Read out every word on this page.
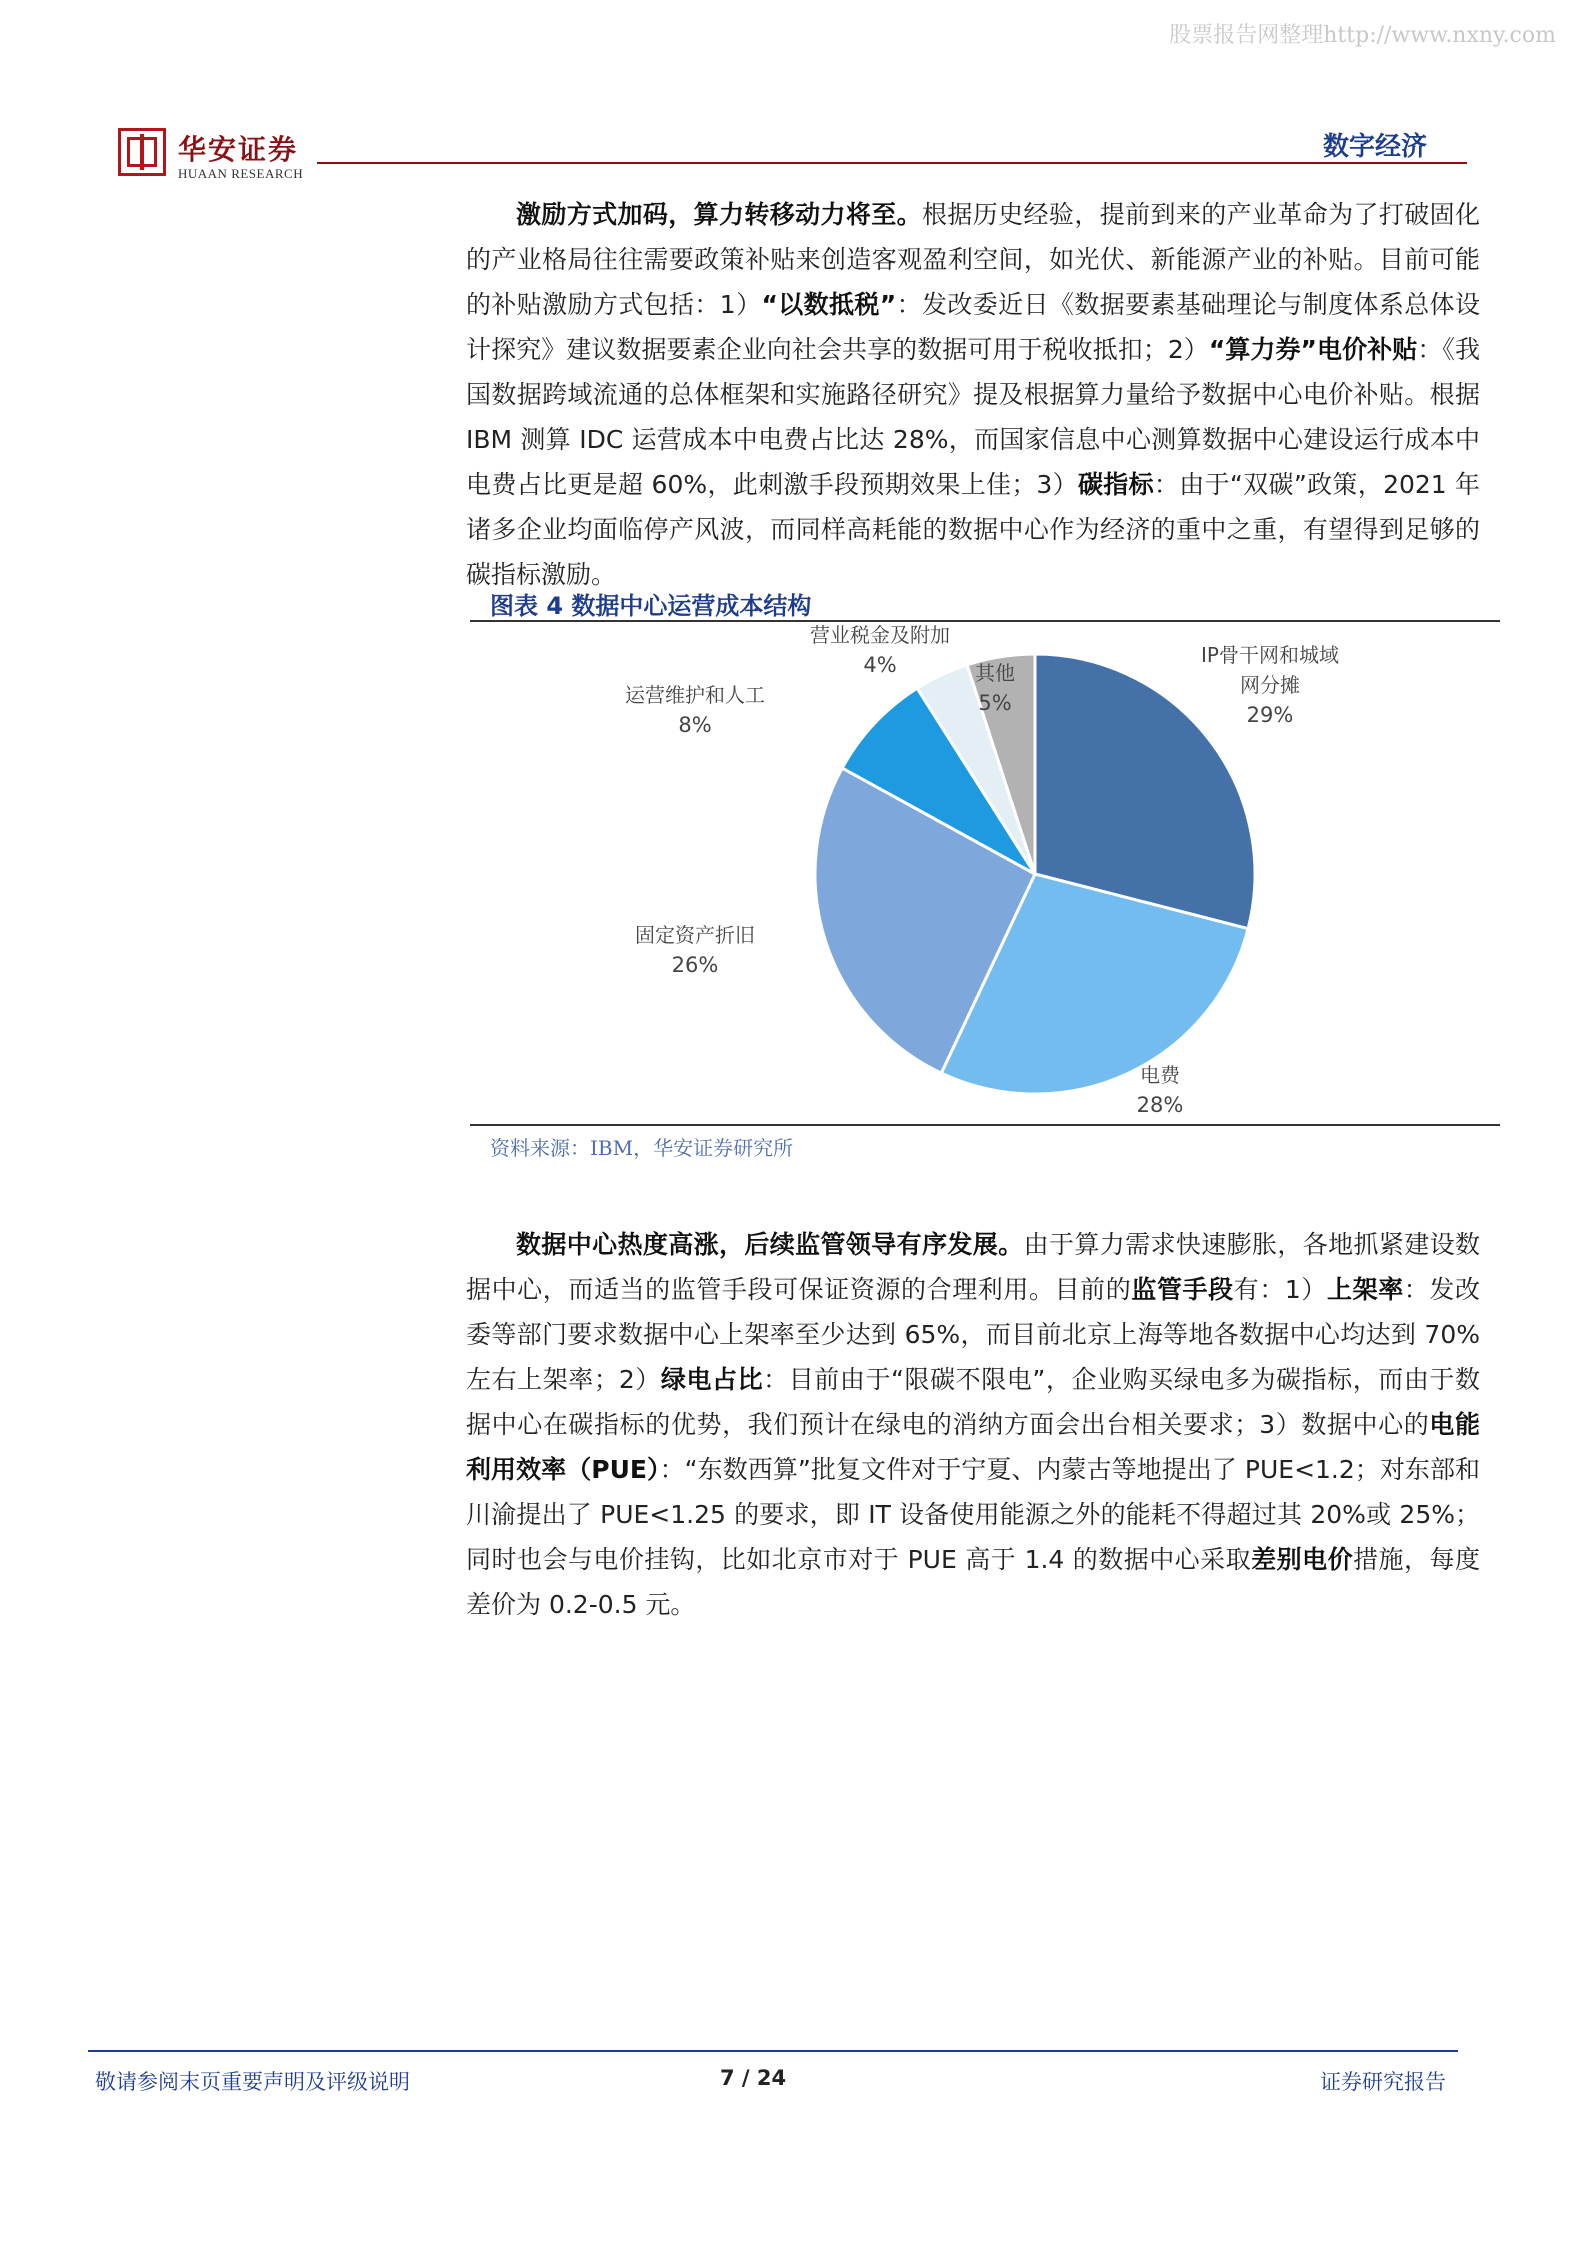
股票报告网整理http://www.nxny.com
华安证券
HUAAN RESEARCH
数字经济

激励方式加码，算力转移动力将至。根据历史经验，提前到来的产业革命为了打破固化的产业格局往往需要政策补贴来创造客观盈利空间，如光伏、新能源产业的补贴。目前可能的补贴激励方式包括：1）“以数抵税”：发改委近日《数据要素基础理论与制度体系总体设计探究》建议数据要素企业向社会共享的数据可用于税收抵扣；2）“算力券”电价补贴：《我国数据跨域流通的总体框架和实施路径研究》提及根据算力量给予数据中心电价补贴。根据 IBM 测算 IDC 运营成本中电费占比达 28%，而国家信息中心测算数据中心建设运行成本中电费占比更是超 60%，此刺激手段预期效果上佳；3）碳指标：由于“双碳”政策，2021 年诸多企业均面临停产风波，而同样高耗能的数据中心作为经济的重中之重，有望得到足够的碳指标激励。

图表 4 数据中心运营成本结构
IP骨干网和城域
网分摊
29%
电费
28%
固定资产折旧
26%
运营维护和人工
8%
营业税金及附加
4%	其他
5%
资料来源：IBM，华安证券研究所

数据中心热度高涨，后续监管领导有序发展。由于算力需求快速膨胀，各地抓紧建设数据中心，而适当的监管手段可保证资源的合理利用。目前的监管手段有：1）上架率：发改委等部门要求数据中心上架率至少达到 65%，而目前北京上海等地各数据中心均达到 70%左右上架率；2）绿电占比：目前由于“限碳不限电”，企业购买绿电多为碳指标，而由于数据中心在碳指标的优势，我们预计在绿电的消纳方面会出台相关要求；3）数据中心的电能利用效率（PUE）：“东数西算”批复文件对于宁夏、内蒙古等地提出了 PUE<1.2；对东部和川渝提出了 PUE<1.25 的要求，即 IT 设备使用能源之外的能耗不得超过其 20%或 25%；同时也会与电价挂钩，比如北京市对于 PUE 高于 1.4 的数据中心采取差别电价措施，每度差价为 0.2-0.5 元。

敬请参阅末页重要声明及评级说明	7 / 24	证券研究报告
